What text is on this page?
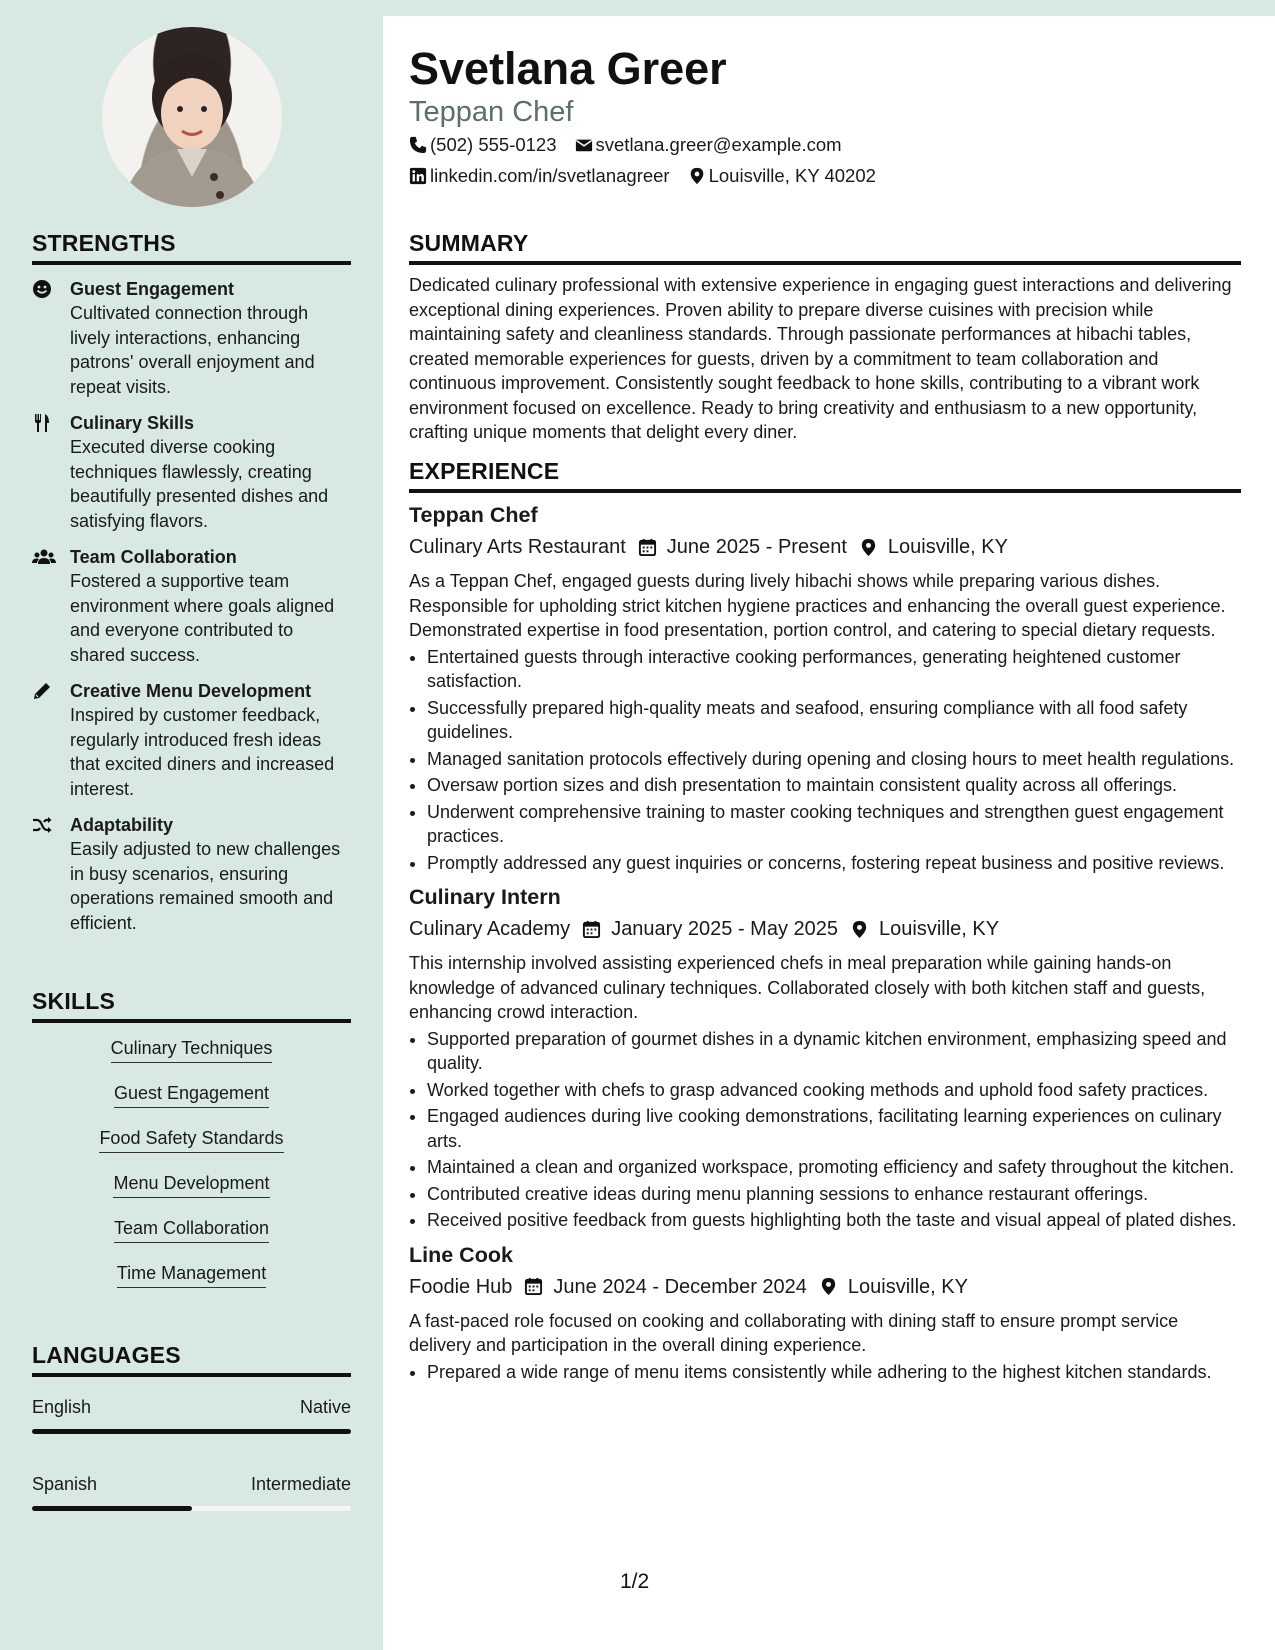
STRENGTHS
Guest Engagement
Cultivated connection through lively interactions, enhancing patrons' overall enjoyment and repeat visits.
Culinary Skills
Executed diverse cooking techniques flawlessly, creating beautifully presented dishes and satisfying flavors.
Team Collaboration
Fostered a supportive team environment where goals aligned and everyone contributed to shared success.
Creative Menu Development
Inspired by customer feedback, regularly introduced fresh ideas that excited diners and increased interest.
Adaptability
Easily adjusted to new challenges in busy scenarios, ensuring operations remained smooth and efficient.
SKILLS
Culinary Techniques
Guest Engagement
Food Safety Standards
Menu Development
Team Collaboration
Time Management
LANGUAGES
English	Native
Spanish	Intermediate
Svetlana Greer
Teppan Chef
(502) 555-0123 svetlana.greer@example.com
linkedin.com/in/svetlanagreer Louisville, KY 40202
SUMMARY

Dedicated culinary professional with extensive experience in engaging guest interactions and delivering exceptional dining experiences. Proven ability to prepare diverse cuisines with precision while maintaining safety and cleanliness standards. Through passionate performances at hibachi tables, created memorable experiences for guests, driven by a commitment to team collaboration and continuous improvement. Consistently sought feedback to hone skills, contributing to a vibrant work environment focused on excellence. Ready to bring creativity and enthusiasm to a new opportunity, crafting unique moments that delight every diner.

EXPERIENCE
Teppan Chef
Culinary Arts Restaurant June 2025 - Present Louisville, KY

As a Teppan Chef, engaged guests during lively hibachi shows while preparing various dishes. Responsible for upholding strict kitchen hygiene practices and enhancing the overall guest experience. Demonstrated expertise in food presentation, portion control, and catering to special dietary requests.

• Entertained guests through interactive cooking performances, generating heightened customer satisfaction.
• Successfully prepared high-quality meats and seafood, ensuring compliance with all food safety guidelines.
• Managed sanitation protocols effectively during opening and closing hours to meet health regulations.
• Oversaw portion sizes and dish presentation to maintain consistent quality across all offerings.
• Underwent comprehensive training to master cooking techniques and strengthen guest engagement practices.
• Promptly addressed any guest inquiries or concerns, fostering repeat business and positive reviews.
Culinary Intern
Culinary Academy January 2025 - May 2025 Louisville, KY

This internship involved assisting experienced chefs in meal preparation while gaining hands-on knowledge of advanced culinary techniques. Collaborated closely with both kitchen staff and guests, enhancing crowd interaction.

• Supported preparation of gourmet dishes in a dynamic kitchen environment, emphasizing speed and quality.
• Worked together with chefs to grasp advanced cooking methods and uphold food safety practices.
• Engaged audiences during live cooking demonstrations, facilitating learning experiences on culinary arts.
• Maintained a clean and organized workspace, promoting efficiency and safety throughout the kitchen.
• Contributed creative ideas during menu planning sessions to enhance restaurant offerings.
• Received positive feedback from guests highlighting both the taste and visual appeal of plated dishes.
Line Cook
Foodie Hub June 2024 - December 2024 Louisville, KY

A fast-paced role focused on cooking and collaborating with dining staff to ensure prompt service delivery and participation in the overall dining experience.

• Prepared a wide range of menu items consistently while adhering to the highest kitchen standards.
1/2
